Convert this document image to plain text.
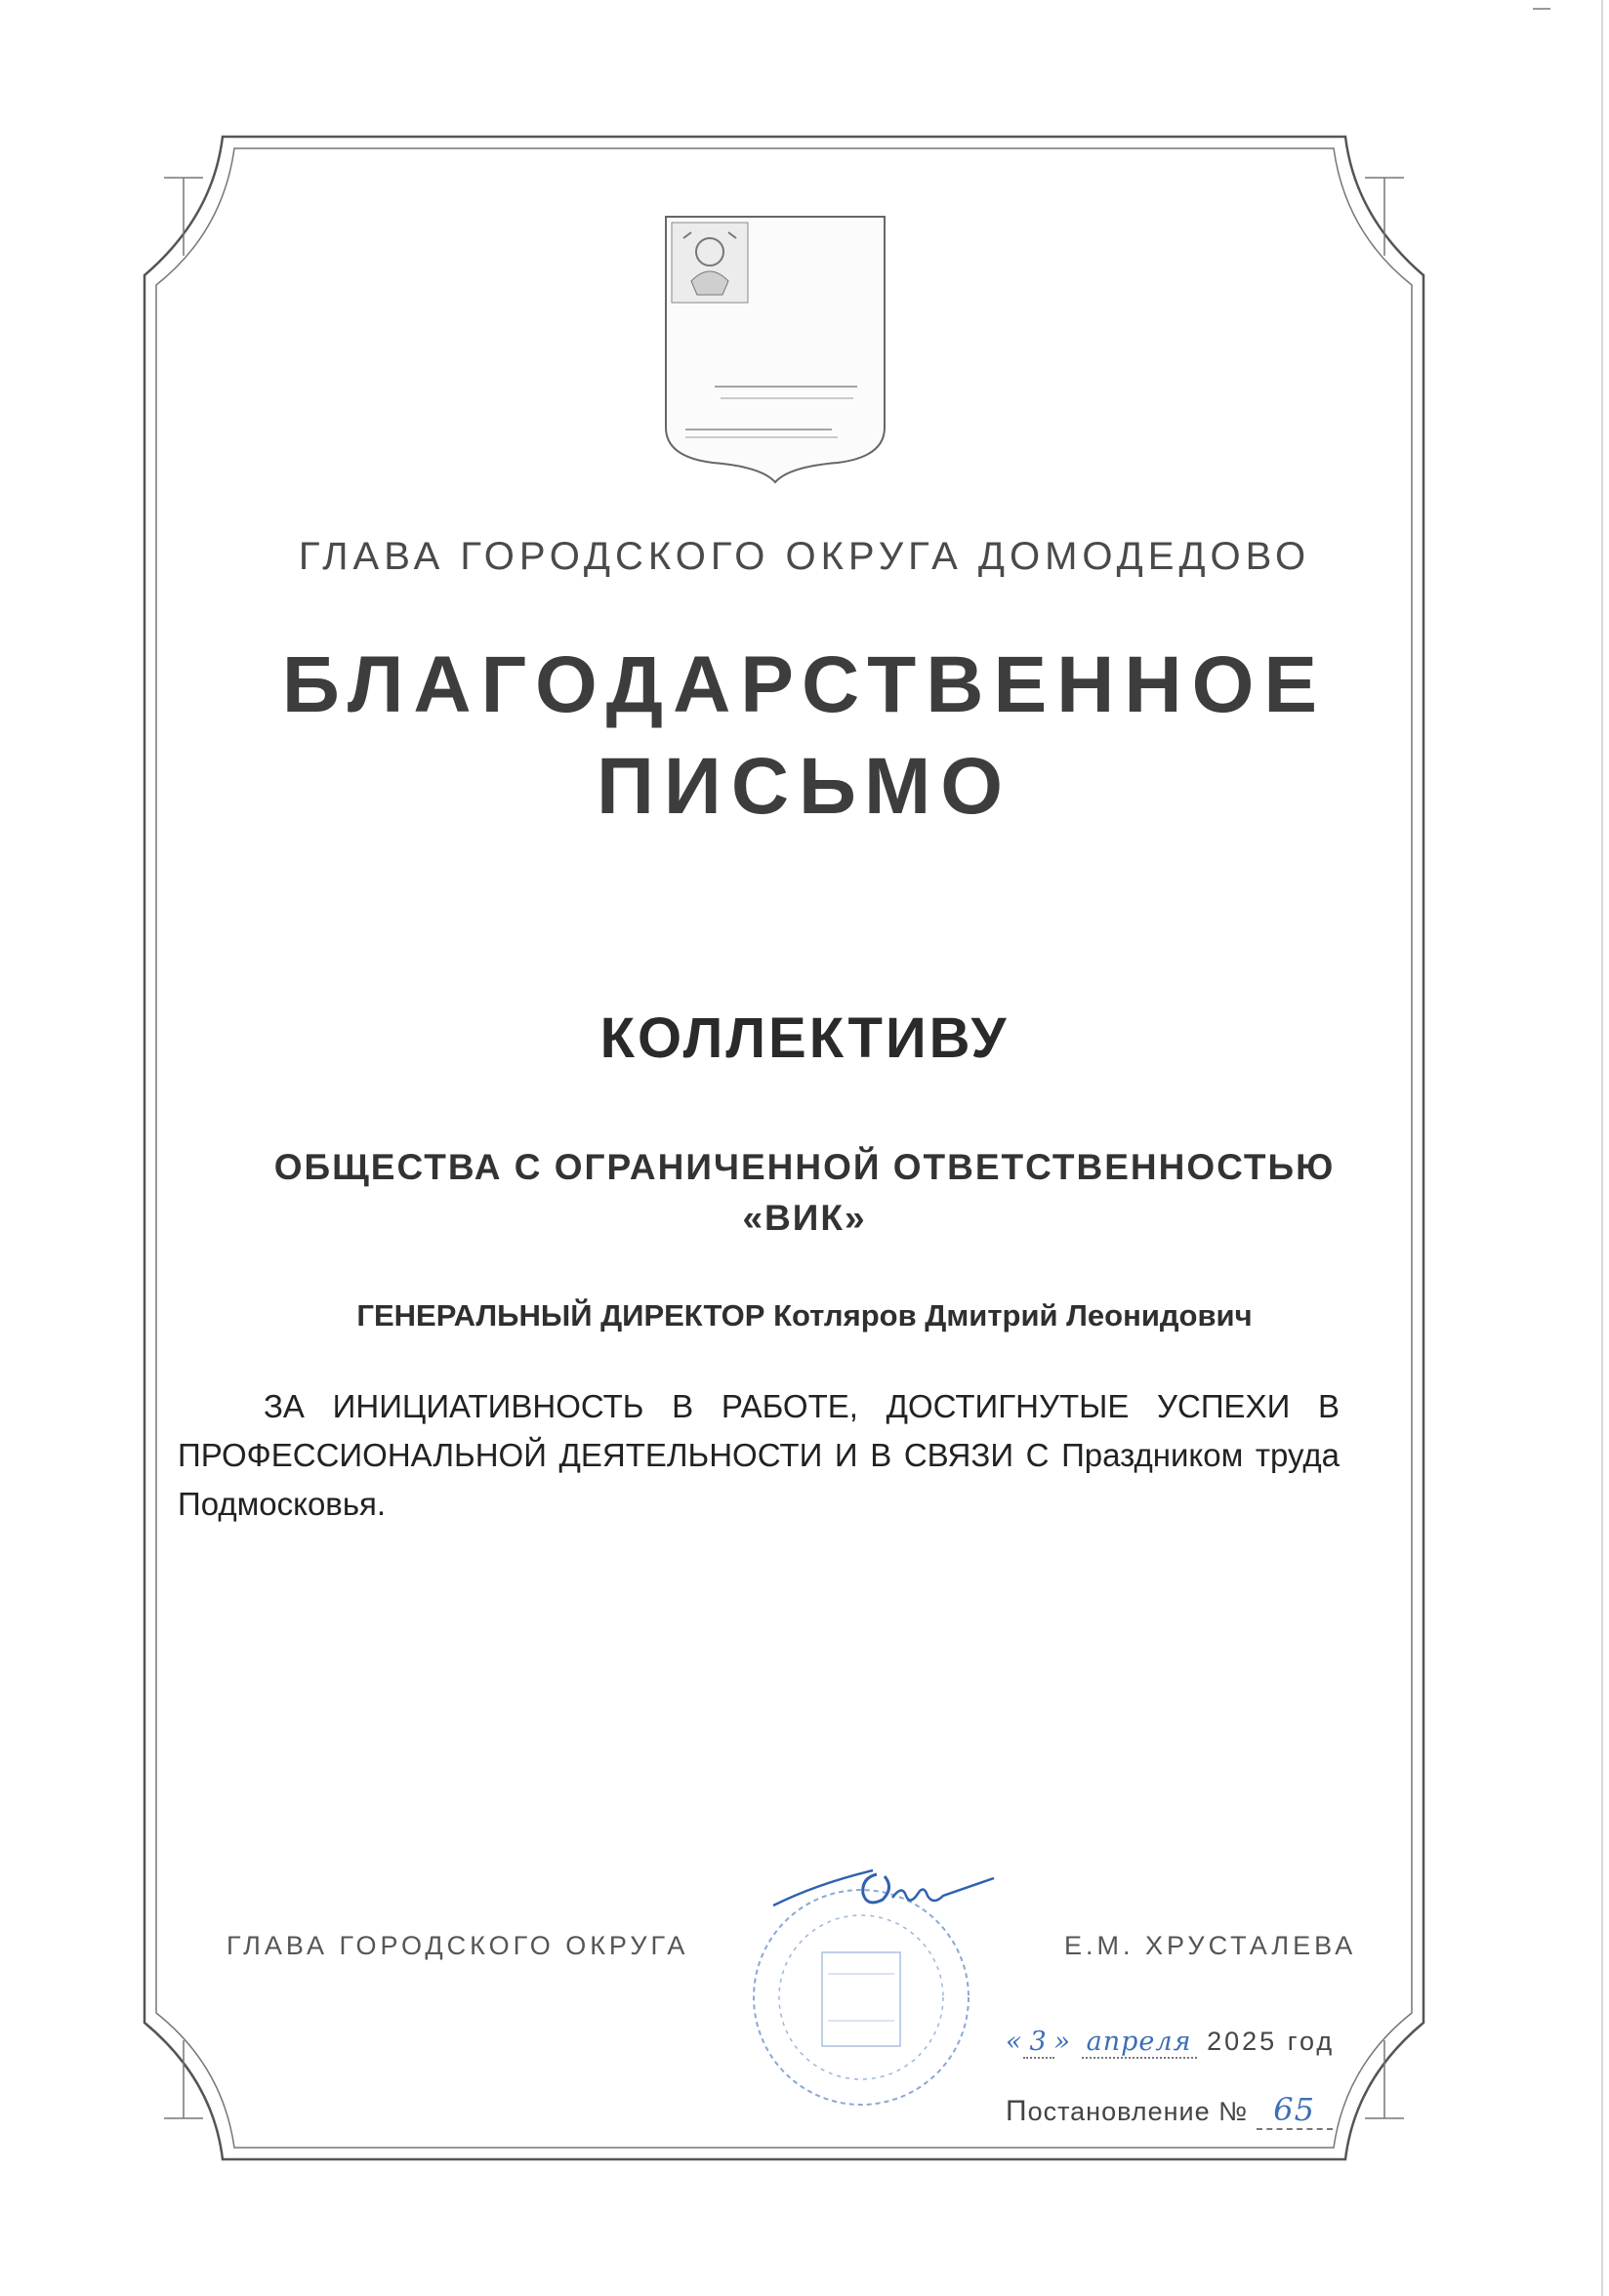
ГЛАВА ГОРОДСКОГО ОКРУГА ДОМОДЕДОВО
БЛАГОДАРСТВЕННОЕ
ПИСЬМО
КОЛЛЕКТИВУ
ОБЩЕСТВА С ОГРАНИЧЕННОЙ ОТВЕТСТВЕННОСТЬЮ
«ВИК»
ГЕНЕРАЛЬНЫЙ ДИРЕКТОР Котляров Дмитрий Леонидович
ЗА ИНИЦИАТИВНОСТЬ В РАБОТЕ, ДОСТИГНУТЫЕ УСПЕХИ В ПРОФЕССИОНАЛЬНОЙ ДЕЯТЕЛЬНОСТИ И В СВЯЗИ С Праздником труда Подмосковья.
ГЛАВА ГОРОДСКОГО ОКРУГА	Е.М. ХРУСТАЛЕВА
« 3 » апреля 2025 год
Постановление № 65
